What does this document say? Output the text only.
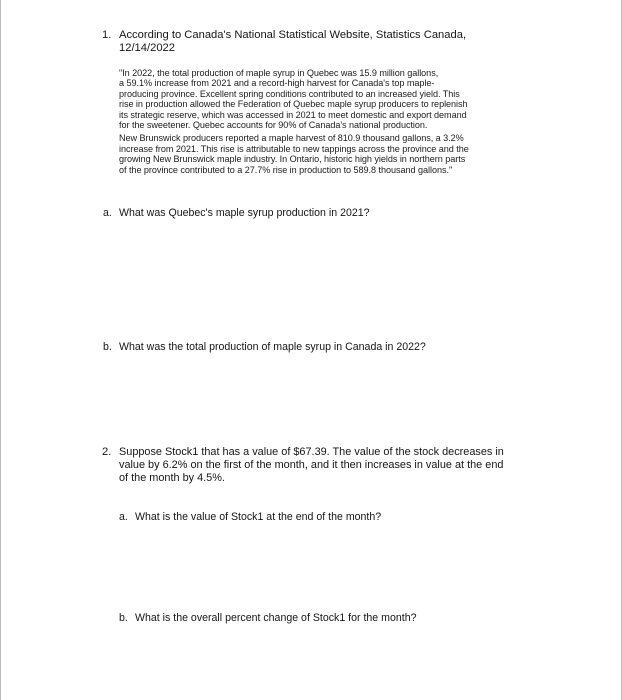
1. According to Canada's National Statistical Website, Statistics Canada,
12/14/2022
"In 2022, the total production of maple syrup in Quebec was 15.9 million gallons,
a 59.1% increase from 2021 and a record-high harvest for Canada's top maple-
producing province. Excellent spring conditions contributed to an increased yield. This
rise in production allowed the Federation of Quebec maple syrup producers to replenish
its strategic reserve, which was accessed in 2021 to meet domestic and export demand
for the sweetener. Quebec accounts for 90% of Canada's national production.
New Brunswick producers reported a maple harvest of 810.9 thousand gallons, a 3.2%
increase from 2021. This rise is attributable to new tappings across the province and the
growing New Brunswick maple industry. In Ontario, historic high yields in northern parts
of the province contributed to a 27.7% rise in production to 589.8 thousand gallons."
a. What was Quebec's maple syrup production in 2021?
b. What was the total production of maple syrup in Canada in 2022?
2. Suppose Stock1 that has a value of $67.39. The value of the stock decreases in
value by 6.2% on the first of the month, and it then increases in value at the end
of the month by 4.5%.
a. What is the value of Stock1 at the end of the month?
b. What is the overall percent change of Stock1 for the month?
